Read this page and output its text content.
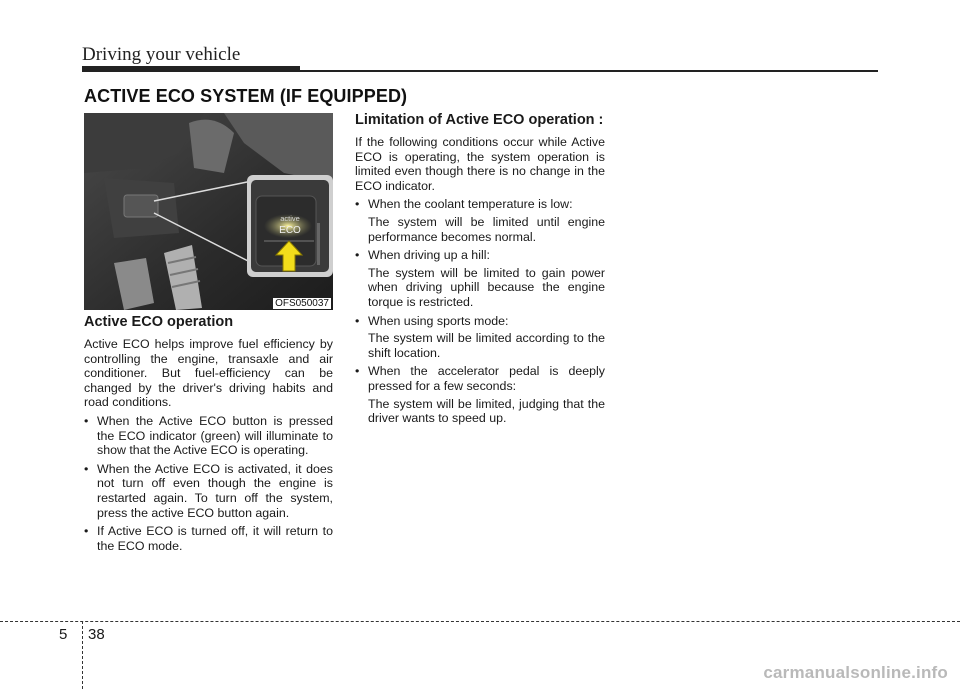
Driving your vehicle
ACTIVE ECO SYSTEM (IF EQUIPPED)
active
ECO
OFS050037
Active ECO operation

Active ECO helps improve fuel efficiency by controlling the engine, transaxle and air conditioner. But fuel-efficiency can be changed by the driver's driving habits and road conditions.

• When the Active ECO button is pressed the ECO indicator (green) will illuminate to show that the Active ECO is operating.
• When the Active ECO is activated, it does not turn off even though the engine is restarted again. To turn off the system, press the active ECO button again.
• If Active ECO is turned off, it will return to the ECO mode.
Limitation of Active ECO operation :

If the following conditions occur while Active ECO is operating, the system operation is limited even though there is no change in the ECO indicator.

• When the coolant temperature is low:
The system will be limited until engine performance becomes normal.
• When driving up a hill:
The system will be limited to gain power when driving uphill because the engine torque is restricted.
• When using sports mode:
The system will be limited according to the shift location.
• When the accelerator pedal is deeply pressed for a few seconds:
The system will be limited, judging that the driver wants to speed up.
5 38
carmanualsonline.info
